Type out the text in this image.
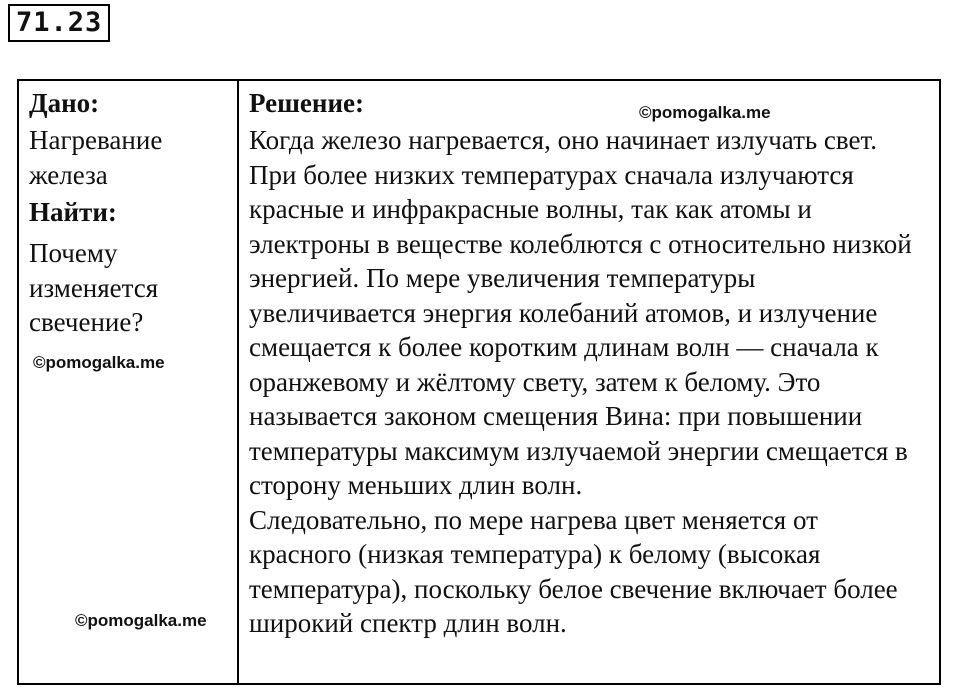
71.23

Дано:

Нагревание железа

Найти:

Почему изменяется свечение?

©pomogalka.me
©pomogalka.me

Решение:	©pomogalka.me

Когда железо нагревается, оно начинает излучать свет. При более низких температурах сначала излучаются красные и инфракрасные волны, так как атомы и электроны в веществе колеблются с относительно низкой энергией. По мере увеличения температуры увеличивается энергия колебаний атомов, и излучение смещается к более коротким длинам волн — сначала к оранжевому и жёлтому свету, затем к белому. Это называется законом смещения Вина: при повышении температуры максимум излучаемой энергии смещается в сторону меньших длин волн.

Следовательно, по мере нагрева цвет меняется от красного (низкая температура) к белому (высокая температура), поскольку белое свечение включает более широкий спектр длин волн.
